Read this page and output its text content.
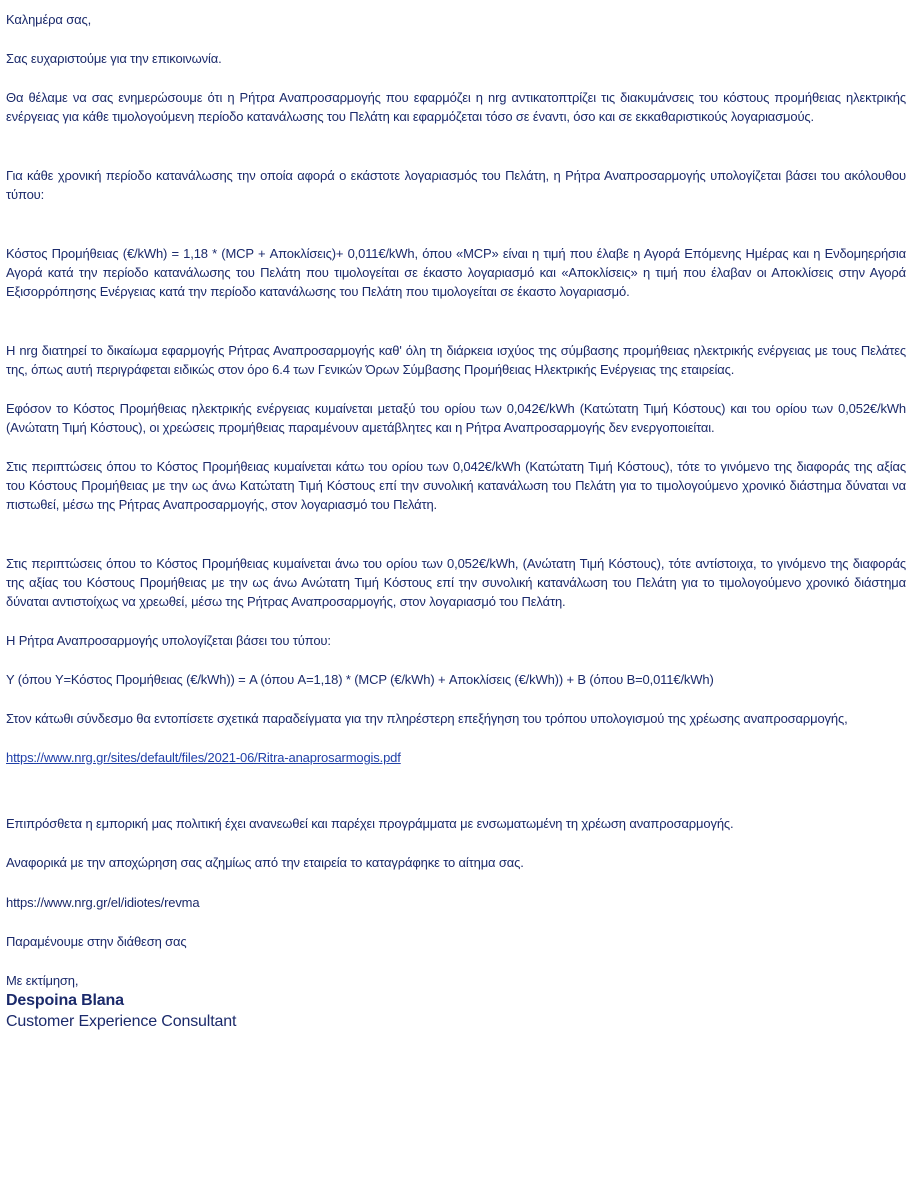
Καλημέρα σας,

Σας ευχαριστούμε για την επικοινωνία.

Θα θέλαμε να σας ενημερώσουμε ότι η Ρήτρα Αναπροσαρμογής που εφαρμόζει η nrg αντικατοπτρίζει τις διακυμάνσεις του κόστους προμήθειας ηλεκτρικής ενέργειας για κάθε τιμολογούμενη περίοδο κατανάλωσης του Πελάτη και εφαρμόζεται τόσο σε έναντι, όσο και σε εκκαθαριστικούς λογαριασμούς.

Για κάθε χρονική περίοδο κατανάλωσης την οποία αφορά ο εκάστοτε λογαριασμός του Πελάτη, η Ρήτρα Αναπροσαρμογής υπολογίζεται βάσει του ακόλουθου τύπου:

Κόστος Προμήθειας (€/kWh) = 1,18 * (MCP + Αποκλίσεις)+ 0,011€/kWh, όπου «MCP» είναι η τιμή που έλαβε η Αγορά Επόμενης Ημέρας και η Ενδομηερήσια Αγορά κατά την περίοδο κατανάλωσης του Πελάτη που τιμολογείται σε έκαστο λογαριασμό και «Αποκλίσεις» η τιμή που έλαβαν οι Αποκλίσεις στην Αγορά Εξισορρόπησης Ενέργειας κατά την περίοδο κατανάλωσης του Πελάτη που τιμολογείται σε έκαστο λογαριασμό.

Η nrg διατηρεί το δικαίωμα εφαρμογής Ρήτρας Αναπροσαρμογής καθ' όλη τη διάρκεια ισχύος της σύμβασης προμήθειας ηλεκτρικής ενέργειας με τους Πελάτες της, όπως αυτή περιγράφεται ειδικώς στον όρο 6.4 των Γενικών Όρων Σύμβασης Προμήθειας Ηλεκτρικής Ενέργειας της εταιρείας.

Εφόσον το Κόστος Προμήθειας ηλεκτρικής ενέργειας κυμαίνεται μεταξύ του ορίου των 0,042€/kWh (Κατώτατη Τιμή Κόστους) και του ορίου των 0,052€/kWh (Ανώτατη Τιμή Κόστους), οι χρεώσεις προμήθειας παραμένουν αμετάβλητες και η Ρήτρα Αναπροσαρμογής δεν ενεργοποιείται.

Στις περιπτώσεις όπου το Κόστος Προμήθειας κυμαίνεται κάτω του ορίου των 0,042€/kWh (Κατώτατη Τιμή Κόστους), τότε το γινόμενο της διαφοράς της αξίας του Κόστους Προμήθειας με την ως άνω Κατώτατη Τιμή Κόστους επί την συνολική κατανάλωση του Πελάτη για το τιμολογούμενο χρονικό διάστημα δύναται να πιστωθεί, μέσω της Ρήτρας Αναπροσαρμογής, στον λογαριασμό του Πελάτη.

Στις περιπτώσεις όπου το Κόστος Προμήθειας κυμαίνεται άνω του ορίου των 0,052€/kWh, (Ανώτατη Τιμή Κόστους), τότε αντίστοιχα, το γινόμενο της διαφοράς της αξίας του Κόστους Προμήθειας με την ως άνω Ανώτατη Τιμή Κόστους επί την συνολική κατανάλωση του Πελάτη για το τιμολογούμενο χρονικό διάστημα δύναται αντιστοίχως να χρεωθεί, μέσω της Ρήτρας Αναπροσαρμογής, στον λογαριασμό του Πελάτη.

Η Ρήτρα Αναπροσαρμογής υπολογίζεται βάσει του τύπου:

Y (όπου Y=Κόστος Προμήθειας (€/kWh)) = A (όπου A=1,18) * (MCP (€/kWh) + Αποκλίσεις (€/kWh)) + B (όπου B=0,011€/kWh)

Στον κάτωθι σύνδεσμο θα εντοπίσετε σχετικά παραδείγματα για την πληρέστερη επεξήγηση του τρόπου υπολογισμού της χρέωσης αναπροσαρμογής,

https://www.nrg.gr/sites/default/files/2021-06/Ritra-anaprosarmogis.pdf

Επιπρόσθετα η εμπορική μας πολιτική έχει ανανεωθεί και παρέχει προγράμματα με ενσωματωμένη τη χρέωση αναπροσαρμογής.

Αναφορικά με την αποχώρηση σας αζημίως από την εταιρεία το καταγράφηκε το αίτημα σας.

https://www.nrg.gr/el/idiotes/revma

Παραμένουμε στην διάθεση σας

Με εκτίμηση,

Despoina Blana
Customer Experience Consultant
